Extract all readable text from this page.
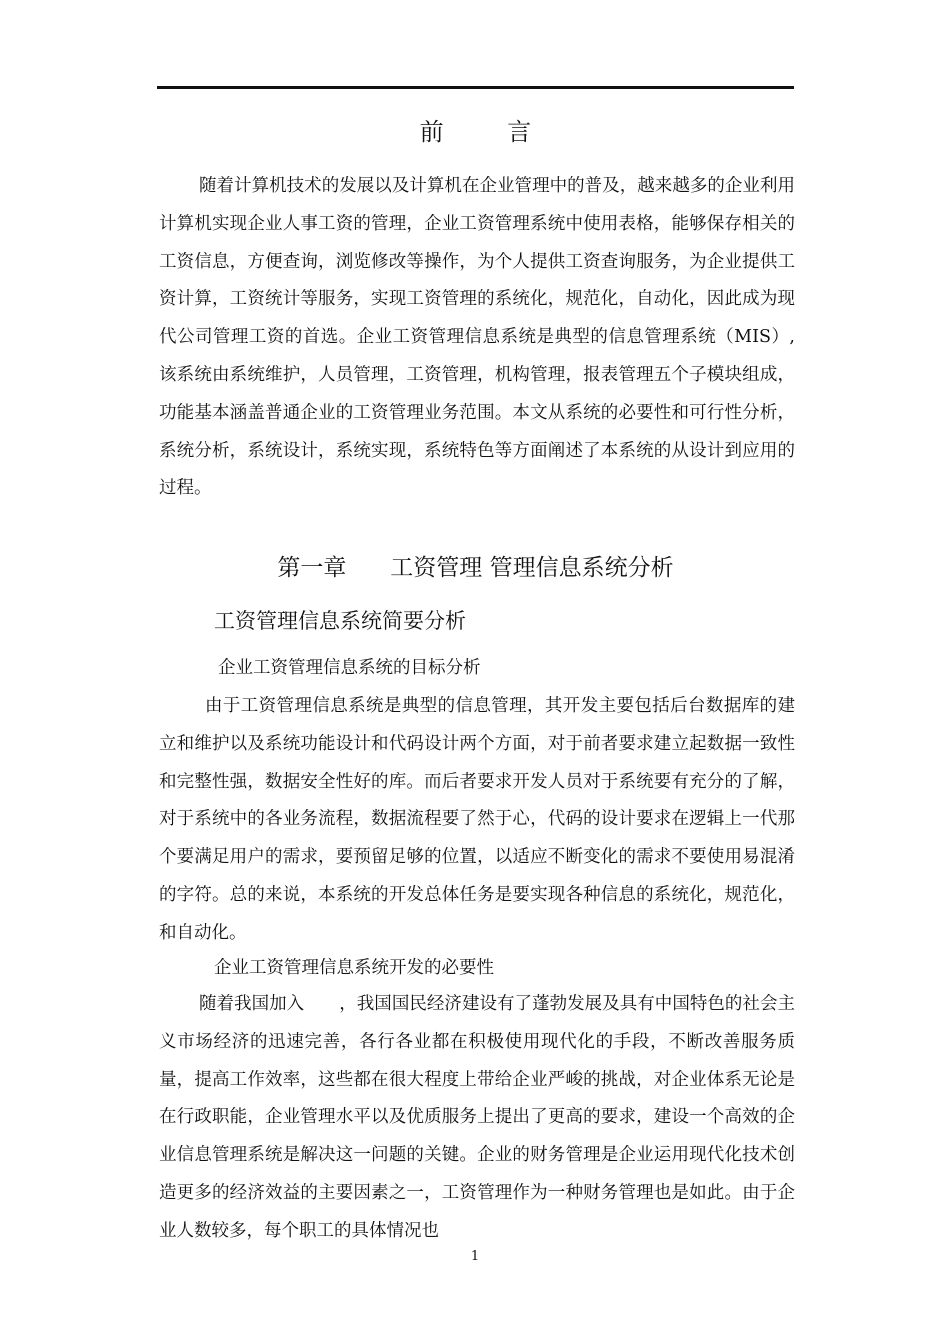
前 言

随着计算机技术的发展以及计算机在企业管理中的普及，越来越多的企业利用计算机实现企业人事工资的管理，企业工资管理系统中使用表格，能够保存相关的工资信息，方便查询，浏览修改等操作，为个人提供工资查询服务，为企业提供工资计算，工资统计等服务，实现工资管理的系统化，规范化，自动化，因此成为现代公司管理工资的首选。企业工资管理信息系统是典型的信息管理系统（MIS）, 该系统由系统维护，人员管理，工资管理，机构管理，报表管理五个子模块组成，功能基本涵盖普通企业的工资管理业务范围。本文从系统的必要性和可行性分析，系统分析，系统设计，系统实现，系统特色等方面阐述了本系统的从设计到应用的过程。

第一章      工资管理 管理信息系统分析
工资管理信息系统简要分析
企业工资管理信息系统的目标分析

由于工资管理信息系统是典型的信息管理，其开发主要包括后台数据库的建立和维护以及系统功能设计和代码设计两个方面，对于前者要求建立起数据一致性和完整性强，数据安全性好的库。而后者要求开发人员对于系统要有充分的了解，对于系统中的各业务流程，数据流程要了然于心，代码的设计要求在逻辑上一代那个要满足用户的需求，要预留足够的位置，以适应不断变化的需求不要使用易混淆的字符。总的来说，本系统的开发总体任务是要实现各种信息的系统化，规范化，和自动化。

企业工资管理信息系统开发的必要性

随着我国加入　　，我国国民经济建设有了蓬勃发展及具有中国特色的社会主义市场经济的迅速完善，各行各业都在积极使用现代化的手段，不断改善服务质量，提高工作效率，这些都在很大程度上带给企业严峻的挑战，对企业体系无论是在行政职能，企业管理水平以及优质服务上提出了更高的要求，建设一个高效的企业信息管理系统是解决这一问题的关键。企业的财务管理是企业运用现代化技术创造更多的经济效益的主要因素之一，工资管理作为一种财务管理也是如此。由于企业人数较多，每个职工的具体情况也

1
